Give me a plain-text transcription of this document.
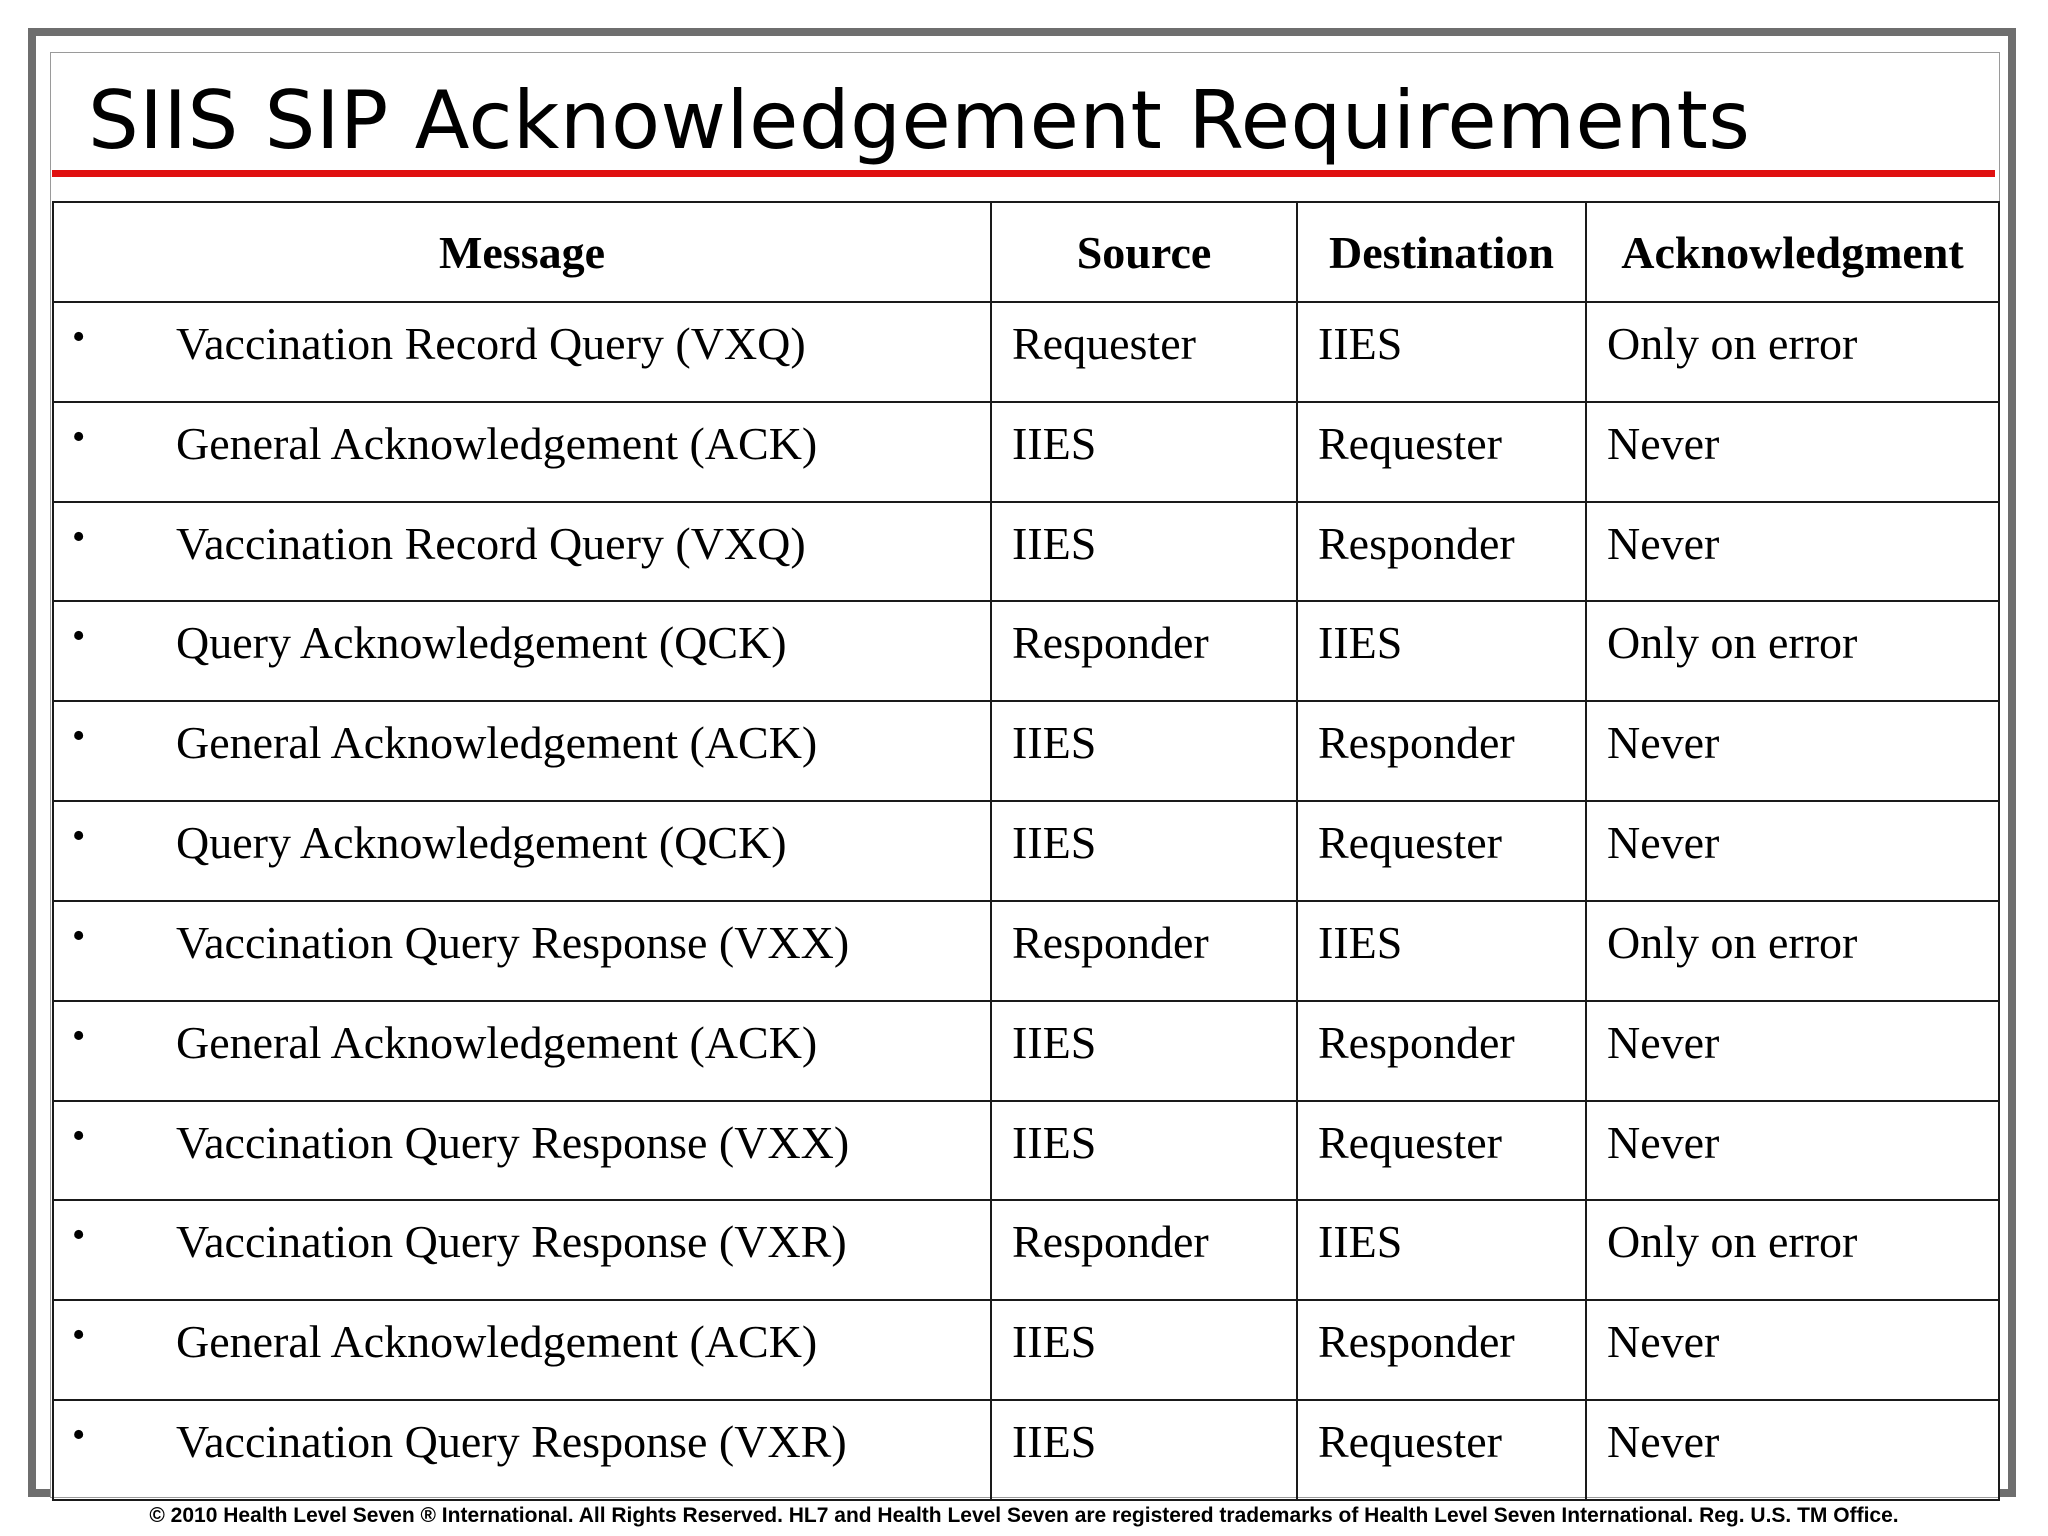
SIIS SIP Acknowledgement Requirements
Message	Source	Destination	Acknowledgment

• Vaccination Record Query (VXQ)	Requester	IIES	Only on error

• General Acknowledgement (ACK)	IIES	Requester	Never

• Vaccination Record Query (VXQ)	IIES	Responder	Never

• Query Acknowledgement (QCK)	Responder	IIES	Only on error

• General Acknowledgement (ACK)	IIES	Responder	Never

• Query Acknowledgement (QCK)	IIES	Requester	Never

• Vaccination Query Response (VXX)	Responder	IIES	Only on error

• General Acknowledgement (ACK)	IIES	Responder	Never

• Vaccination Query Response (VXX)	IIES	Requester	Never

• Vaccination Query Response (VXR)	Responder	IIES	Only on error

• General Acknowledgement (ACK)	IIES	Responder	Never

• Vaccination Query Response (VXR)	IIES	Requester	Never
© 2010 Health Level Seven ® International. All Rights Reserved. HL7 and Health Level Seven are registered trademarks of Health Level Seven International. Reg. U.S. TM Office.
